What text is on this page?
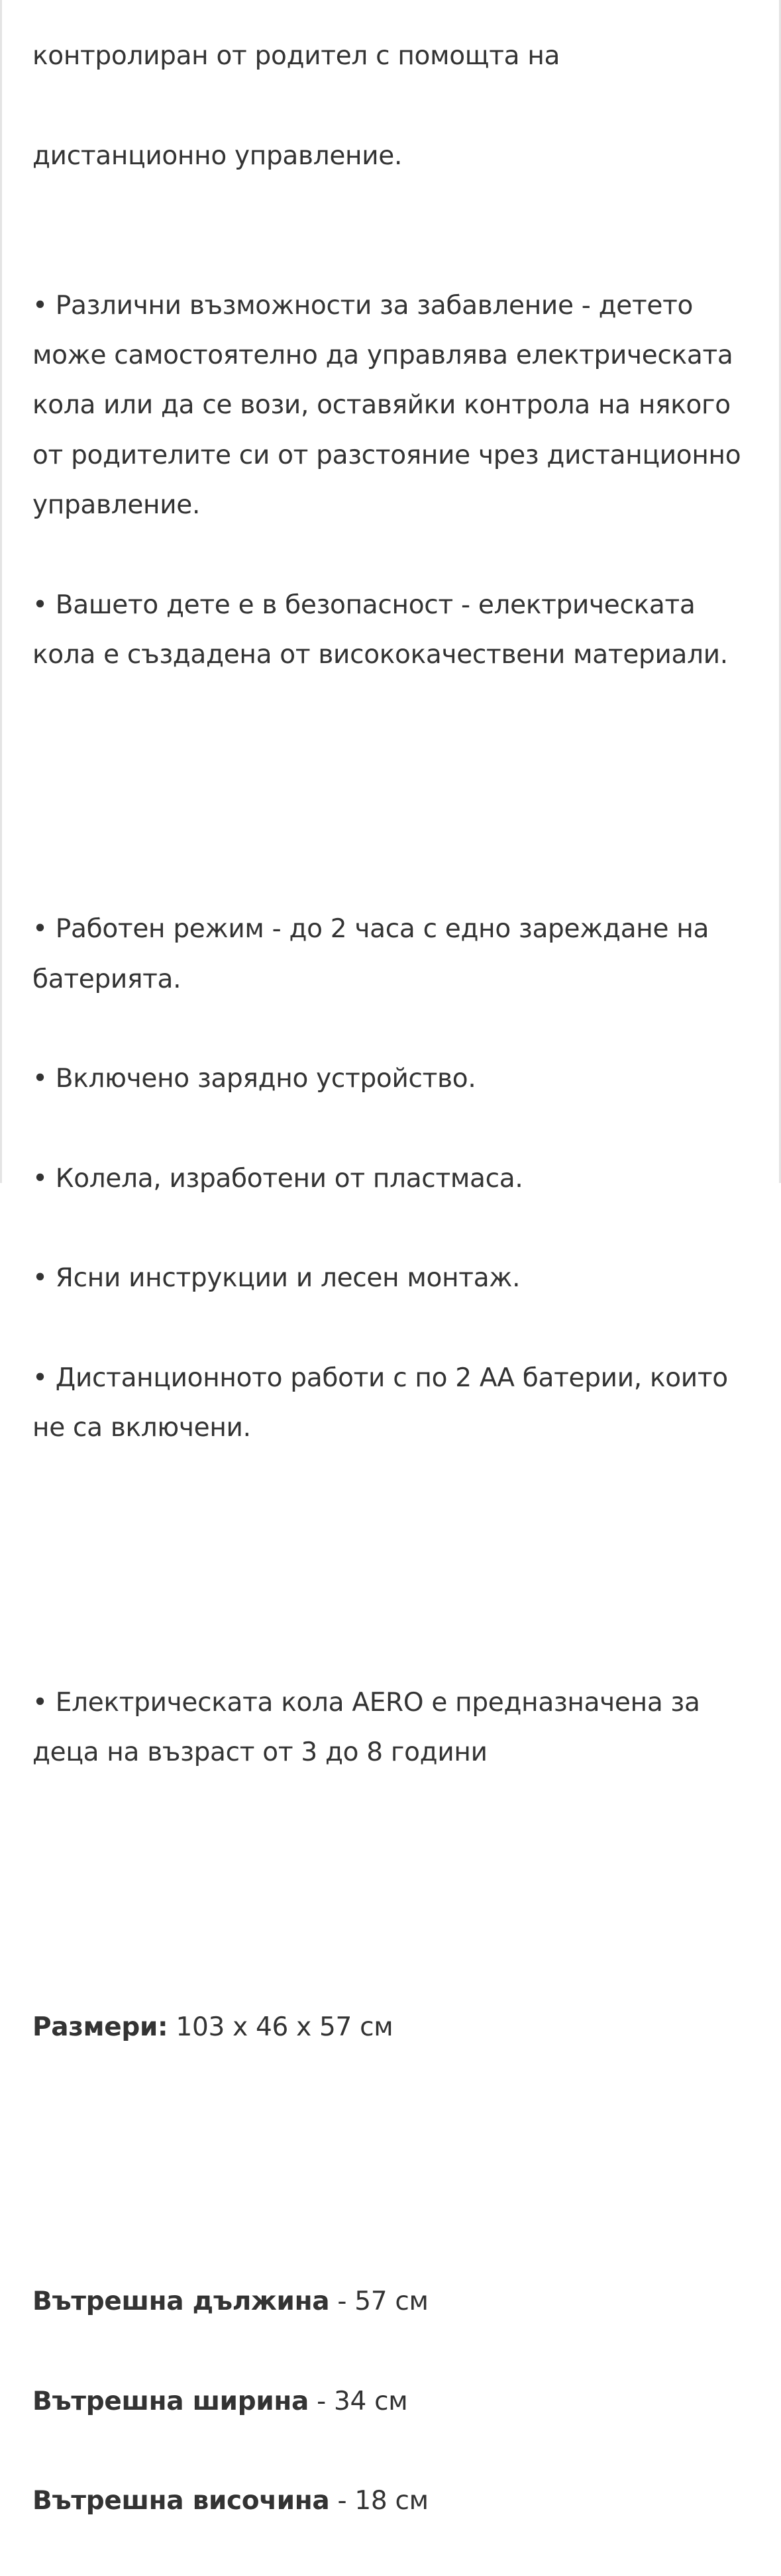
контролиран от родител с помощта на

дистанционно управление.

• Различни възможности за забавление - детето
може самостоятелно да управлява електрическата
кола или да се вози, оставяйки контрола на някого
от родителите си от разстояние чрез дистанционно
управление.

• Вашето дете е в безопасност - електрическата
кола е създадена от висококачествени материали.

• Работен режим - до 2 часа с едно зареждане на
батерията.

• Включено зарядно устройство.

• Колела, изработени от пластмаса.

• Ясни инструкции и лесен монтаж.

• Дистанционното работи с по 2 АА батерии, които
не са включени.

• Електрическата кола AERO е предназначена за
деца на възраст от 3 до 8 години

Размери: 103 х 46 х 57 см

Вътрешна дължина - 57 см

Вътрешна ширина - 34 см

Вътрешна височина - 18 см
